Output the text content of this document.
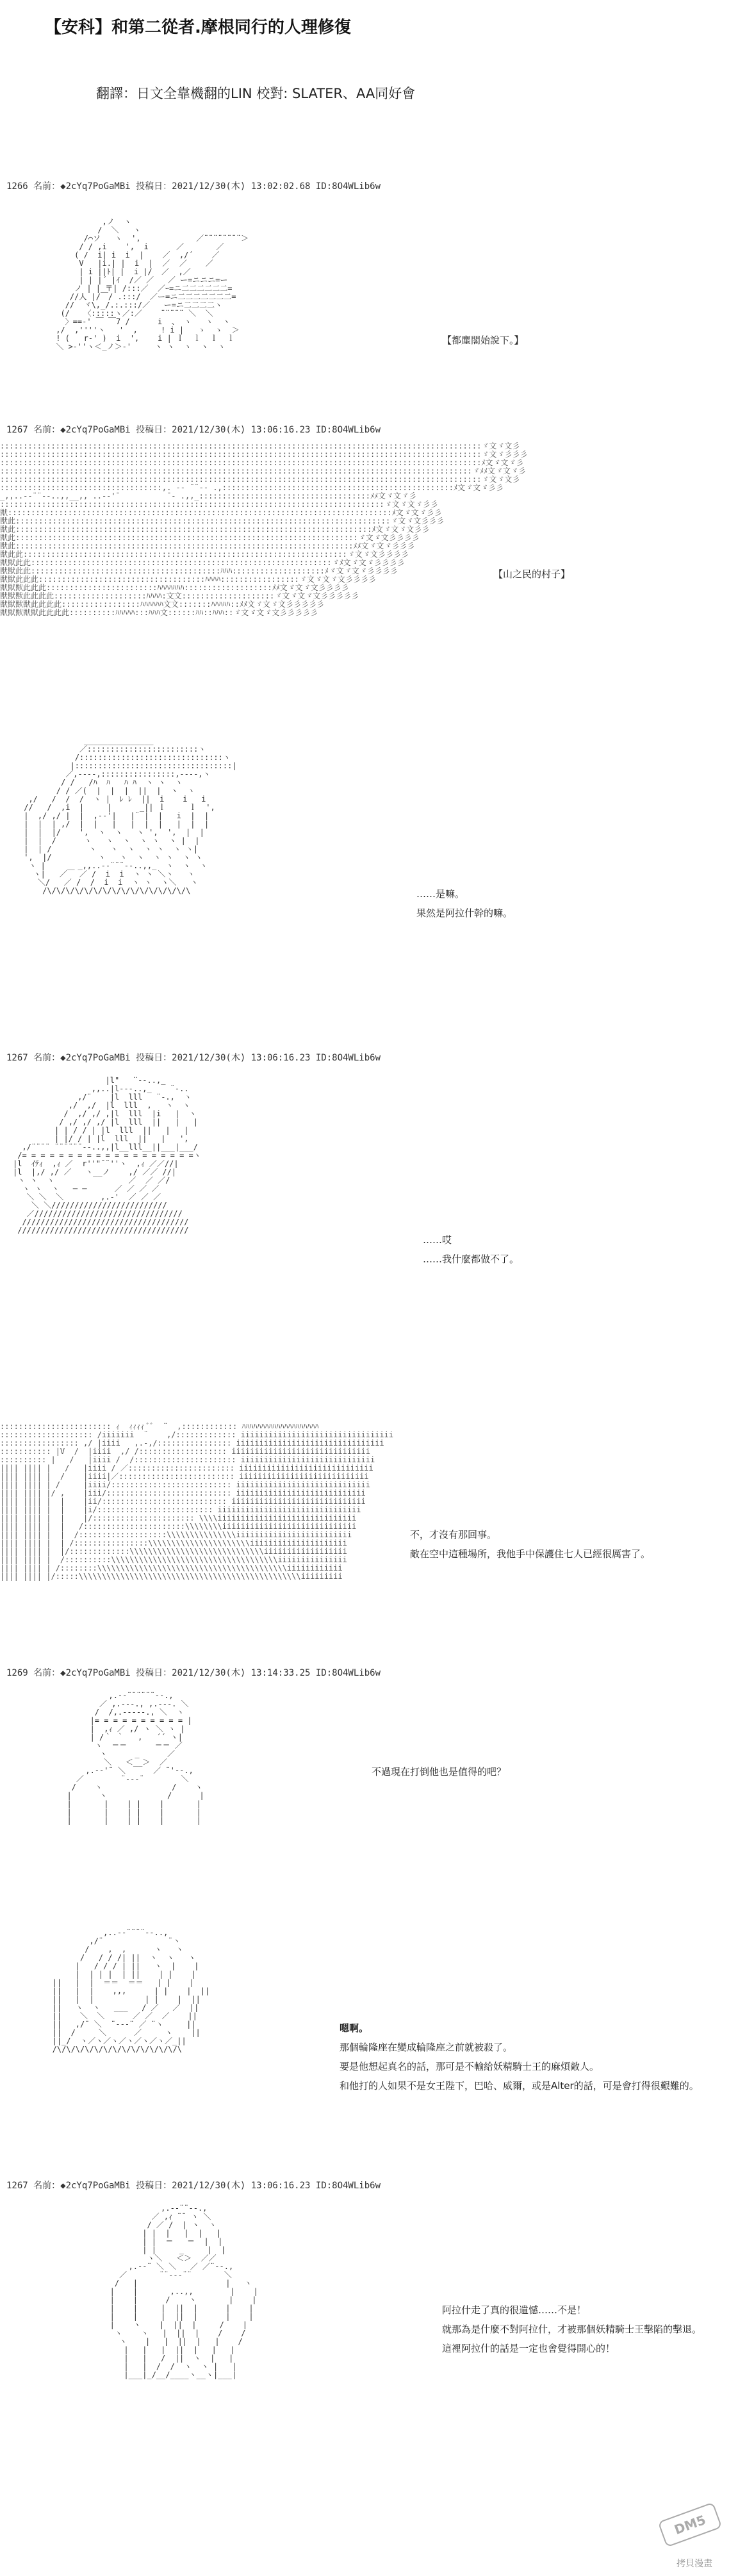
【安科】和第二從者.摩根同行的人理修復
翻譯：日文全靠機翻的LIN 校對: SLATER、AA同好會
1266 名前：◆2cYq7PoGaMBi 投稿日：2021/12/30(木) 13:02:02.68 ID:8O4WLib6w
,ノ  ヽ
/  ＼   ヽ
/⌒ソ   ヽ  ',            ／¨¨¨¨¨¨¨¨＞
/ / ,i    ',  i      ／       ／
( /  i| i  i  |    ／  ,/´    ／
V   |i.| |  i  |  ／  ／    ／
| i ||ﾄ| |  i |/  ／  ,／
| | |´ |ｲ  /／ ／   ／ ー=ニニニ=ー
ノ | | 〒| /:::／  ／ｰ=ニ二二二二二二=
//人 |/￣/ .:::/  ／ー=ニ二二二二二二二=
//  ヾ\,_/.:.:::/／   ー=ニ二二二二ヽ
(/   〈:::::ヽ／:／    ¨¨¨¨¨ ＼  ＼
〉==-' ￣ ￣7 /      i  、 ヽ   ヽ  ヽ
,/  ,''''ヽ   '  ,     ! i |   ゝ  ゝ  ＞
! (   r-' )  i  ',    i | ｌ  ｌ  ｌ  ｌ
＼ >-''ヽ＜_ノ＞-'     ヽ ヽ  ヽ  ヽ  ヽ

【都塵閣始說下。】
1267 名前：◆2cYq7PoGaMBi 投稿日：2021/12/30(木) 13:06:16.23 ID:8O4WLib6w
::::::::::::::::::::::::::::::::::::::::::::::::::::::::::::::::::::::::::::::::::::::::::::::::::::::::ゞ文ゞ文彡
::::::::::::::::::::::::::::::::::::::::::::::::::::::::::::::::::::::::::::::::::::::::::::::::::::::::ゞ文ゞ彡彡彡
::::::::::::::::::::::::::::::::::::::::::::::::::::::::::::::::::::::::::::::::::::::::::::::::::::::::ﾒ文ゞ文ゞ彡
::::::::::::::::::::::::::::::::::::::::::::::::::::::::::::::::::::::::::::::::::::::::::::::::::::::ゞﾒﾒ文ゞ文ゞ彡
::::::::::::::::::::::::::::::::::::::::::::::::::::::::::::::::::::::::::::::::::::::::::::::::::::::::ゞ文ゞ文彡
:::::::::::::::::::::::::::::::::::,. -‐ ¨¨‐- .,::::::::::::::::::::::::::::::::::::::::::::::::::ﾒ文ゞ文ゞ彡彡
_,,..-‐¨¨‐-..,,__,, ..-‐'¨          ¨‐ .,,_:::::::::::::::::::::::::::::::::::::ﾒﾒ文ゞ文ゞ彡
:::::::::::::::::::::::::::::::::::::::::::::::::::::::::::::::::::::::::::::::::::ゞ文ゞ文ゞ彡彡
獣:::::::::::::::::::::::::::::::::::::::::::::::::::::::::::::::::::::::::::::::::::ﾒ文ゞ文ゞ彡彡
獣此:::::::::::::::::::::::::::::::::::::::::::::::::::::::::::::::::::::::::::::::::ゞ文ゞ文彡彡彡
獣此:::::::::::::::::::::::::::::::::::::::::::::::::::::::::::::::::::::::::::::ﾒ文ゞ文ゞ文彡彡
獣此::::::::::::::::::::::::::::::::::::::::::::::::::::::::::::::::::::::::::ゞ文ゞ文彡彡彡彡
獣此:::::::::::::::::::::::::::::::::::::::::::::::::::::::::::::::::::::::::ﾒﾒ文ゞ文ゞ彡彡彡
獣此此::::::::::::::::::::::::::::::::::::::::::::::::::::::::::::::::::::::ゞ文ゞ文彡彡彡彡
獣獣此此:::::::::::::::::::::::::::::::::::::::::::::::::::::::::::::::::ゞﾒ文ゞ文ゞ彡彡彡彡
獣獣此此:::::::::::::::::::::::::::::::::::::::::ﾊﾊﾊ::::::::::::::::::::ﾒゞ文ゞ文ゞ彡彡彡彡
獣獣此此此::::::::::::::::::::::::::::::::::::ﾊﾊﾊﾊ:::::::::::::::::ゞ文ゞ文ゞ文彡彡彡彡
獣獣獣此此此::::::::::::::::::::::::ﾊﾊﾊﾊﾊﾊﾊ:::::::::::::::::::ﾒﾒ文ゞ文ゞ文彡彡彡彡
獣獣獣此此此此::::::::::::::::::::ﾊﾊﾊﾊ:文文::::::::::::::::::::ゞ文ゞ文ゞ文彡彡彡彡彡
獣獣獣獣此此此此:::::::::::::::::ﾊﾊﾊﾊﾊﾊ文文:::::::ﾊﾊﾊﾊﾊ::ﾒﾒ文ゞ文ゞ文彡彡彡彡彡
獣獣獣獣獣此此此此::::::::::ﾊﾊﾊﾊﾊ:::ﾊﾊﾊ文::::::ﾊﾊ::ﾊﾊﾊ::ゞ文ゞ文ゞ文彡彡彡彡彡

【山之民的村子】
_______________
／::::::::::::::::::::::::ヽ
/:::::::::::::::::::::::::::::::ヽ
|::::::::::::::::::::::::::::::::::|
／,-‐‐-,::::::::::::::::,-‐‐-,ヽ
/ /   /ﾊ  ﾊ   ﾊ ﾊ  ヽ ヽ  ヽ
/ / ／(  |  |  |  ||  |  ヽ  ヽ
,/   /  /  /  ヽ |  ﾚ ﾚ  ||  i    i   i
//   /  ,i  |     |      _|| ｌ     ｌ  ',
|  ,/ ,/ |  |  ,-‐'|   |¨ |  |   i  |  |
|  |  | ,/  |  |   |   |  |  |   |  |  |
|  |  |/    ',  ヽ  ヽ   ヽ ',  ',  |  |
|  |  /      ヽ   ヽ  ヽ  ヽ ヽ  ヽ |  |
|  | /        ヽ   ヽ  ヽ  ヽ ヽ  ヽ ヽ|
',  |/          ヽ   ヽ  ヽ  ヽ ヽ  ヽ ヽ
ヽ |       _,,..-‐¨¨¨‐-..,,_  ヽ  ヽ  ヽ
ヽ|   ／￣ ／ /  i  i  ヽ ヽ ＼ヽ   ヽ
＼/   ／ /  /  i  i  ヽ ヽ  ヽ＼   ヽ
/\/\/\/\/\/\/\/\/\/\/\/\/\/\/\/\	……是嘛。
果然是阿拉什幹的嘛。
1267 名前：◆2cYq7PoGaMBi 投稿日：2021/12/30(木) 13:06:16.23 ID:8O4WLib6w
|l"   ¨‐-..,_
,,..|l---..,_    ¨‐..
,/¨    |l  lll   ¨‐.,  ヽ
,/  ,/  |l  lll  ,   ヽ  ヽ
/  ,/ ,/ ,|l  lll  |i   |  ヽ
/ ,/ ,/ ,/ |l  lll  ||   |   |
| | / / | |l  lll  ||   |   |
| |/ / | |l  lll  ||   |   ',
,/¨¨¨¨ ¨¨¨¨¨¨‐-..,,|l__lll__||___|___/
/= = = = = = = = = = = = = = = = = = =ヽ
|l  ｲﾃｨ  ,ｨ ／  r''"¨¨''ヽ  ,ｨ ／／//|
|l  |,/ ,/ ／   ヽ__ノ    ,/ ／／ //|
ヽ ヽ  ヽ                ／  ／ ／/
ヽ ヽ  ヽ   ─ ─      ／ ／ ／ ／
＼ ＼  ＼        ,.-'  ／ ／ ／
＼ ＼/////////////////////////
／////////////////////////////////
////////////////////////////////////
/////////////////////////////////////

……哎
……我什麼都做不了。
:::::::::::::::::::::::: ｨ  ｨｨｨｨ ﾞﾞ  ¨  ,:::::::::::: ﾊﾊﾊﾊﾊﾊﾊﾊﾊﾊﾊﾊﾊﾊﾊﾊﾊﾊﾊﾊ
:::::::::::::::::::: /iiiiiii  ¨    ,/::::::::::::: iiiiiiiiiiiiiiiiiiiiiiiiiiiiiiiii
::::::::::::::::: ,/ |iiii   ,.-,/:::::::::::::::: iiiiiiiiiiiiiiiiiiiiiiiiiiiiiiii
::::::::::: |V  /  |iiii  ,/ /::::::::::::::::::: iiiiiiiiiiiiiiiiiiiiiiiiiiiiii
:::::::::: |   /   |iiii /  /:::::::::::::::::::::: iiiiiiiiiiiiiiiiiiiiiiiiiiiii
|||| |||| |   /   |iiii / ／::::::::::::::::::::::: iiiiiiiiiiiiiiiiiiiiiiiiiiiii
|||| |||| |  /    |iiii|／::::::::::::::::::::::::: iiiiiiiiiiiiiiiiiiiiiiiiiiii
|||| |||| | /     |iiii/:::::::::::::::::::::::::: iiiiiiiiiiiiiiiiiiiiiiiiiiiii
|||| |||| |/ ,    |iii/::::::::::::::::::::::::::: iiiiiiiiiiiiiiiiiiiiiiiiiiii
|||| |||| |  |    |ii/::::::::::::::::::::::::::: iiiiiiiiiiiiiiiiiiiiiiiiiiiii
|||| |||| |  |    |i/::::::::::::::::::::::::: iiiiiiiiiiiiiiiiiiiiiiiiiiiiiii
|||| |||| |  |    |/:::::::::::::::::::::: \\\\iiiiiiiiiiiiiiiiiiiiiiiiiiiiii
|||| |||| |  |   /::::::::::::::::::::::\\\\\\\\iiiiiiiiiiiiiiiiiiiiiiiiiiiii
|||| |||| |  |  /:::::::::::::::::::\\\\\\\\\\\\\\\iiiiiiiiiiiiiiiiiiiiiiiii
|||| |||| |  | /::::::::::::::::\\\\\\\\\\\\\\\\\\\\\\iiiiiiiiiiiiiiiiiiiii
|||| |||| |  |/:::::::::::::\\\\\\\\\\\\\\\\\\\\\\\\\\\\\iiiiiiiiiiiiiiiiii
|||| |||| |  /::::::::::\\\\\\\\\\\\\\\\\\\\\\\\\\\\\\\\\\\\iiiiiiiiiiiiiii
|||| |||| | /::::::::\\\\\\\\\\\\\\\\\\\\\\\\\\\\\\\\\\\\\\\\\iiiiiiiiiiii
|||| |||| |/:::::\\\\\\\\\\\\\\\\\\\\\\\\\\\\\\\\\\\\\\\\\\\\\\\\iiiiiiiii

不，才沒有那回事。
敵在空中這種場所，我他手中保護住七人已經很厲害了。
1269 名前：◆2cYq7PoGaMBi 投稿日：2021/12/30(木) 13:14:33.25 ID:8O4WLib6w
,.-‐¨¨¨¨¨¨‐-.,
／ ,.-‐-., ,.-‐-. ＼
/  /,.-‐‐‐-., ＼  ヽ
|= = = = = = = = = = |
|  ,ｨ ／ ,/ ヽ ＼ ヽ |
| /｀ ｀   ,   ´´ ヽ|
ヽ  ＝＝      ＝＝ ／
ヽ      _      ／
＼   ＜__＞  ／
,.-‐'¨ ＼      ／ ¨'‐-.,
／        ¨‐-‐¨        ＼
/    ヽ               /    ヽ
|      ヽ             /      |
|       |    | |    |       |
|       |    | |    |       |
|       |    | |    |       |

不過現在打倒他也是值得的吧？
,..-‐¨¨¨¨‐-..,
,/¨              ¨ヽ
/    ,  ,      ヽ   ヽ
/   / / /| ||  ヽ  ヽ   ヽ
|   / / / | ||   ヽ  |    |
|  | | |  | ||    | |    |
||   |  |  ＝＝  ＝＝   | |    |
||   |  |    ,,,      | |    |  ||
||   |  |           | |    |  ||
||   ヽ  ヽ   ___   / ／   ／  ||
||    ＼  ＼      ／ ／  ／    ||
||   ,/¨ ＼  ¨‐-‐¨ ／ ¨ヽ     ||
||  /     ＼      ／     ヽ    ||
||_/  ヽ／ヽ／ヽ／ヽ／ヽ／ヽ／_||
/\/\/\/\/\/\/\/\/\/\/\/\/\/\

嗯啊。
那個輪隆座在變成輪隆座之前就被殺了。
要是他想起真名的話，那可是不輸給妖精騎士王的麻煩敵人。
和他打的人如果不是女王陛下，巴哈、威爾，或是Alter的話，可是會打得很艱難的。
1267 名前：◆2cYq7PoGaMBi 投稿日：2021/12/30(木) 13:06:16.23 ID:8O4WLib6w
,.-‐¨¨‐-.,
／ ,ｨ ¨¨ ヽ ＼
/ ／ /  | ヽ  ヽ
| |  |   |  |   |
| |  ＝   ＝  |  |
| |     _     |  |
ヽ＼   ＜＞  ／／
,.-‐¨ ＼ ＼   ／ ／¨‐-.,
／       ¨¨‐-‐¨¨       ＼
/   |                   |   ヽ
|    |       ,..,,        |    |
|    |      /    ヽ       |    |
|    |     |  ||  |      |    |
|    |     |  ||  |      |    |
|    ヽ    |  ||  |     /    |
ヽ    ヽ   |  ||  |    /    /
ヽ    |   |  ||  |   |    /
|   |   |  ||  |   |   |
|   |   /  ||  ヽ  |   |
|   |  /  /  ヽ  ヽ |   |
|___|_/__/____ヽ__ヽ|___|

阿拉什走了真的很遺憾……不是！
就那為是什麼不對阿拉什，才被那個妖精騎士王擊陷的擊退。
這裡阿拉什的話是一定也會覺得開心的！
DM5
拷貝漫畫
